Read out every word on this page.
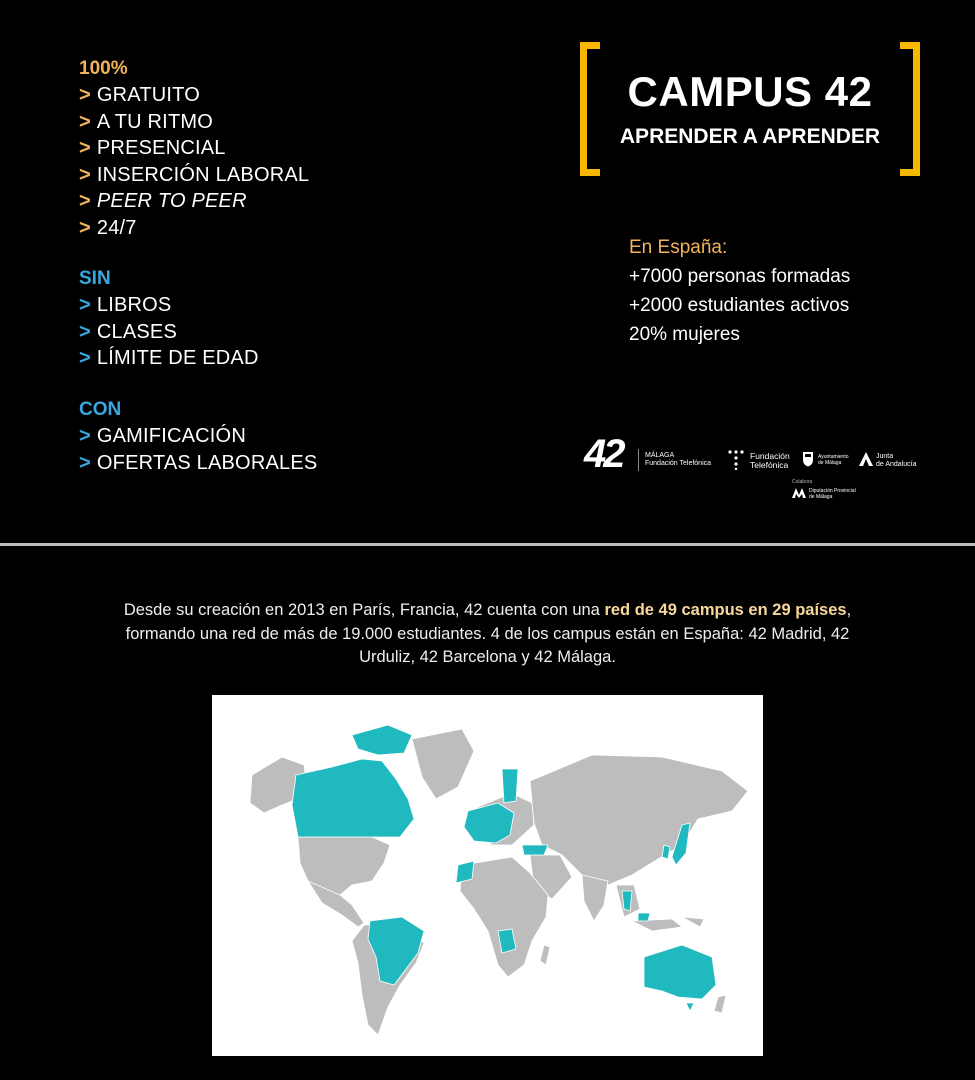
100%
> GRATUITO
> A TU RITMO
> PRESENCIAL
> INSERCIÓN LABORAL
> PEER TO PEER
> 24/7
SIN
> LIBROS
> CLASES
> LÍMITE DE EDAD
CON
> GAMIFICACIÓN
> OFERTAS LABORALES
CAMPUS 42
APRENDER A APRENDER
En España:
+7000 personas formadas
+2000 estudiantes activos
20% mujeres
42	MÁLAGA
Fundación Telefónica
Fundación
Telefónica
Ayuntamiento
de Málaga
Junta
de Andalucía
Colabora
Diputación Provincial
de Málaga
Desde su creación en 2013 en París, Francia, 42 cuenta con una red de 49 campus en 29 países, formando una red de más de 19.000 estudiantes. 4 de los campus están en España: 42 Madrid, 42 Urduliz, 42 Barcelona y 42 Málaga.
